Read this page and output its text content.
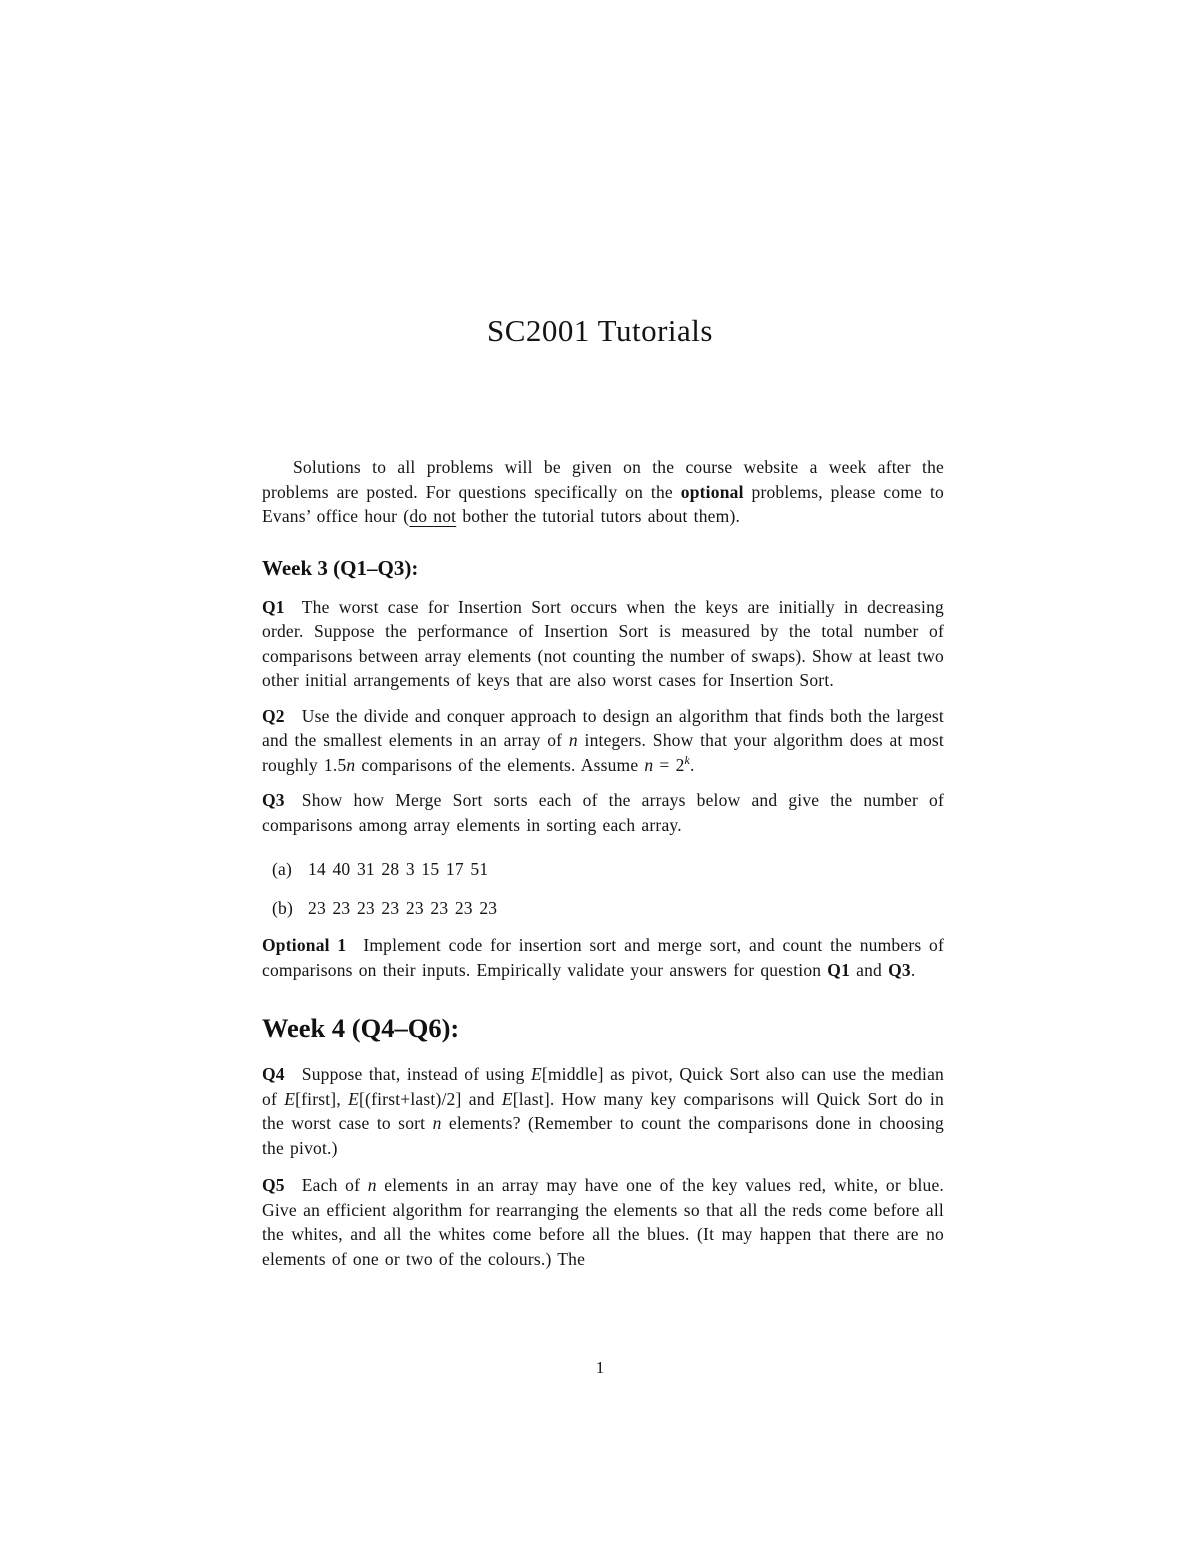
SC2001 Tutorials

Solutions to all problems will be given on the course website a week after the problems are posted. For questions specifically on the optional problems, please come to Evans’ office hour (do not bother the tutorial tutors about them).

Week 3 (Q1–Q3):

Q1 The worst case for Insertion Sort occurs when the keys are initially in decreasing order. Suppose the performance of Insertion Sort is measured by the total number of comparisons between array elements (not counting the number of swaps). Show at least two other initial arrangements of keys that are also worst cases for Insertion Sort.

Q2 Use the divide and conquer approach to design an algorithm that finds both the largest and the smallest elements in an array of n integers. Show that your algorithm does at most roughly 1.5n comparisons of the elements. Assume $n = 2^k$.

Q3 Show how Merge Sort sorts each of the arrays below and give the number of comparisons among array elements in sorting each array.

(a) 14 40 31 28 3 15 17 51
(b) 23 23 23 23 23 23 23 23

Optional 1 Implement code for insertion sort and merge sort, and count the numbers of comparisons on their inputs. Empirically validate your answers for question Q1 and Q3.

Week 4 (Q4–Q6):

Q4 Suppose that, instead of using E[middle] as pivot, Quick Sort also can use the median of E[first], E[(first+last)/2] and E[last]. How many key comparisons will Quick Sort do in the worst case to sort n elements? (Remember to count the comparisons done in choosing the pivot.)

Q5 Each of n elements in an array may have one of the key values red, white, or blue. Give an efficient algorithm for rearranging the elements so that all the reds come before all the whites, and all the whites come before all the blues. (It may happen that there are no elements of one or two of the colours.) The

1
